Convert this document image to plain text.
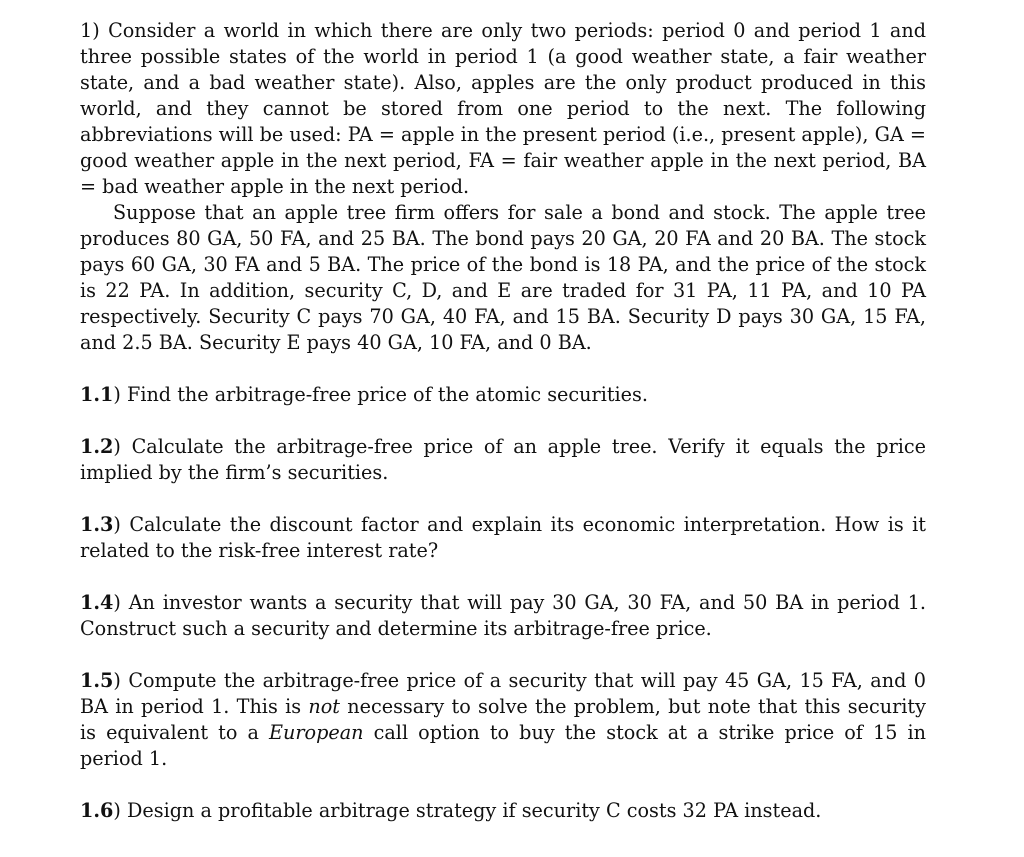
1) Consider a world in which there are only two periods: period 0 and period 1 and three possible states of the world in period 1 (a good weather state, a fair weather state, and a bad weather state). Also, apples are the only product produced in this world, and they cannot be stored from one period to the next. The following abbreviations will be used: PA = apple in the present period (i.e., present apple), GA = good weather apple in the next period, FA = fair weather apple in the next period, BA = bad weather apple in the next period.

Suppose that an apple tree firm offers for sale a bond and stock. The apple tree produces 80 GA, 50 FA, and 25 BA. The bond pays 20 GA, 20 FA and 20 BA. The stock pays 60 GA, 30 FA and 5 BA. The price of the bond is 18 PA, and the price of the stock is 22 PA. In addition, security C, D, and E are traded for 31 PA, 11 PA, and 10 PA respectively. Security C pays 70 GA, 40 FA, and 15 BA. Security D pays 30 GA, 15 FA, and 2.5 BA. Security E pays 40 GA, 10 FA, and 0 BA.

1.1) Find the arbitrage-free price of the atomic securities.

1.2) Calculate the arbitrage-free price of an apple tree. Verify it equals the price implied by the firm’s securities.

1.3) Calculate the discount factor and explain its economic interpretation. How is it related to the risk-free interest rate?

1.4) An investor wants a security that will pay 30 GA, 30 FA, and 50 BA in period 1. Construct such a security and determine its arbitrage-free price.

1.5) Compute the arbitrage-free price of a security that will pay 45 GA, 15 FA, and 0 BA in period 1. This is not necessary to solve the problem, but note that this security is equivalent to a European call option to buy the stock at a strike price of 15 in period 1.

1.6) Design a profitable arbitrage strategy if security C costs 32 PA instead.
